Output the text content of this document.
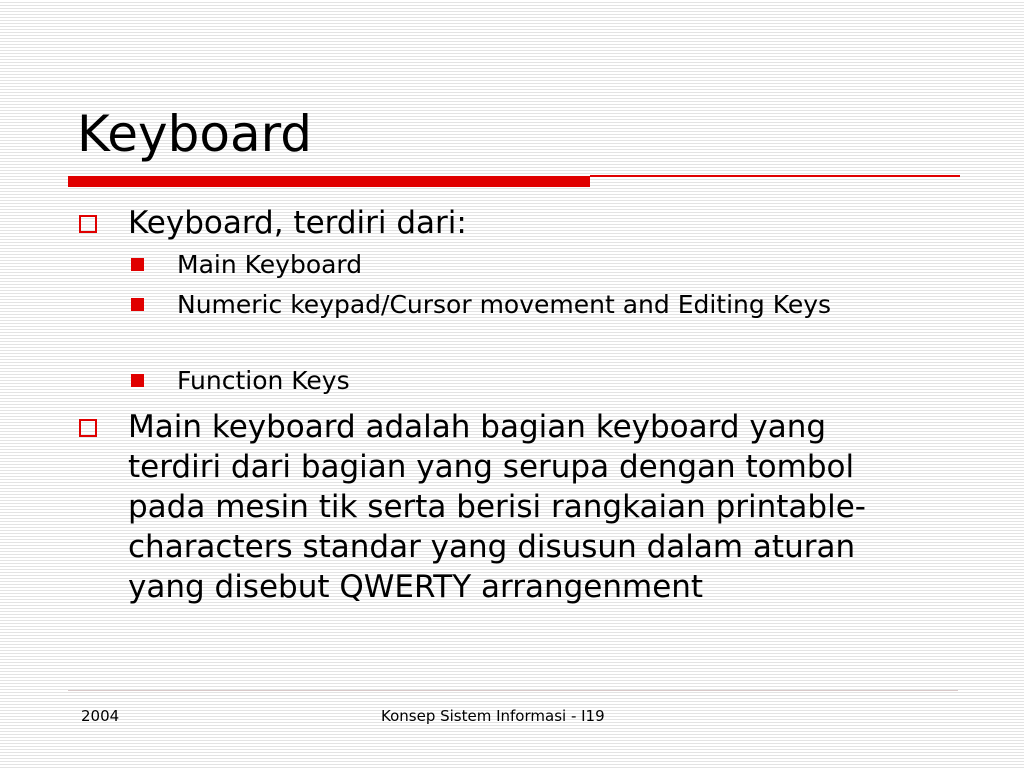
Keyboard
Keyboard, terdiri dari:
Main Keyboard
Numeric keypad/Cursor movement and Editing Keys
Function Keys
Main keyboard adalah bagian keyboard yang terdiri dari bagian yang serupa dengan tombol pada mesin tik serta berisi rangkaian printable-characters standar yang disusun dalam aturan yang disebut QWERTY arrangenment
2004	Konsep Sistem Informasi - I19
